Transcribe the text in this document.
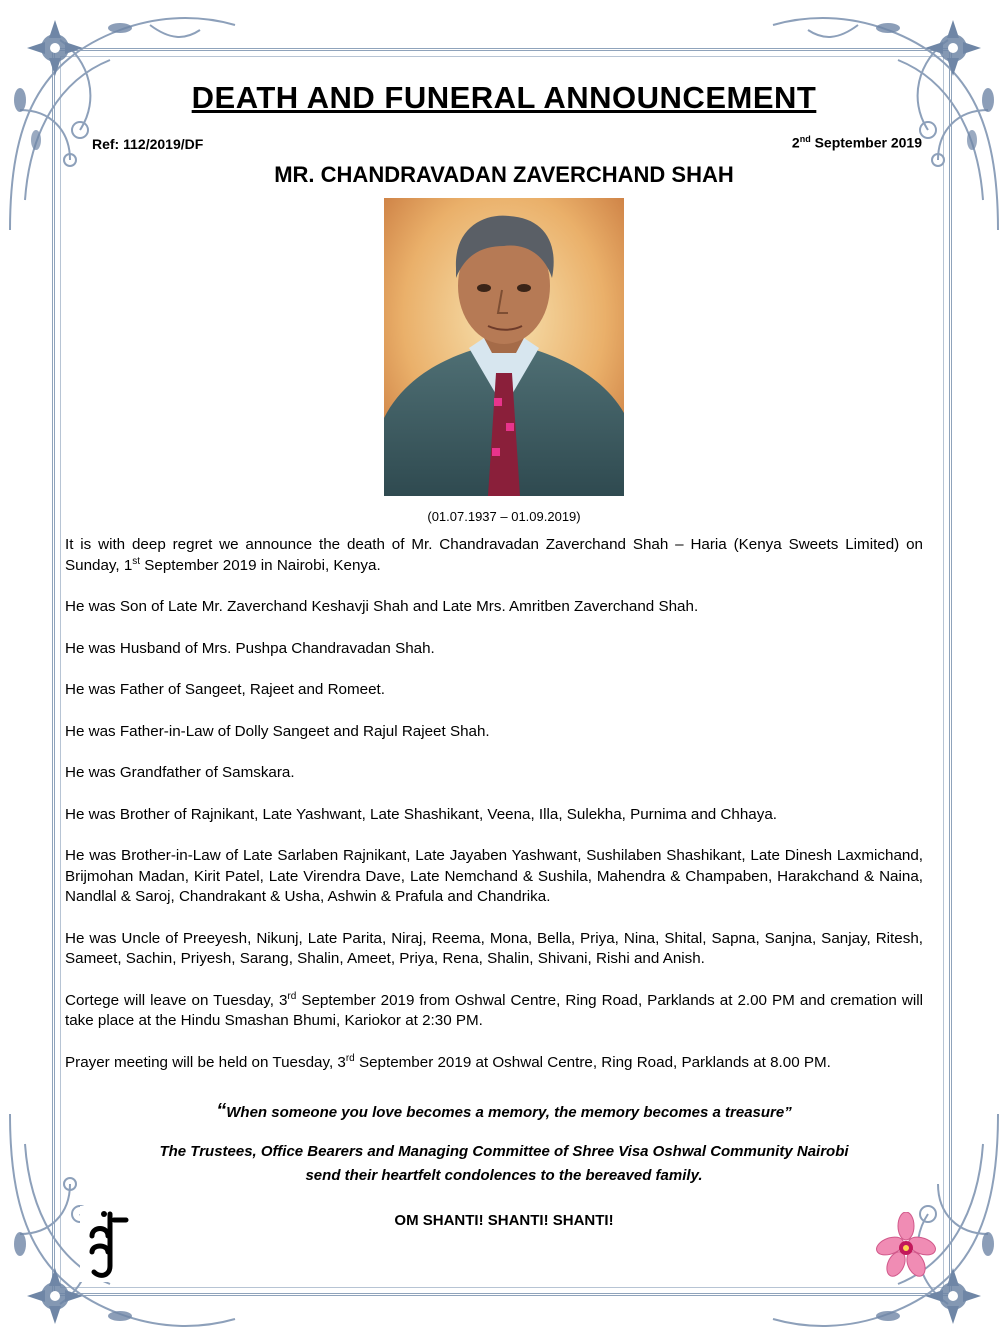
DEATH AND FUNERAL ANNOUNCEMENT
Ref: 112/2019/DF	2nd September 2019
MR. CHANDRAVADAN ZAVERCHAND SHAH
(01.07.1937 – 01.09.2019)

It is with deep regret we announce the death of Mr. Chandravadan Zaverchand Shah – Haria (Kenya Sweets Limited) on Sunday, 1st September 2019 in Nairobi, Kenya.

He was Son of Late Mr. Zaverchand Keshavji Shah and Late Mrs. Amritben Zaverchand Shah.

He was Husband of Mrs. Pushpa Chandravadan Shah.

He was Father of Sangeet, Rajeet and Romeet.

He was Father-in-Law of Dolly Sangeet and Rajul Rajeet Shah.

He was Grandfather of Samskara.

He was Brother of Rajnikant, Late Yashwant, Late Shashikant, Veena, Illa, Sulekha, Purnima and Chhaya.

He was Brother-in-Law of Late Sarlaben Rajnikant, Late Jayaben Yashwant, Sushilaben Shashikant, Late Dinesh Laxmichand, Brijmohan Madan, Kirit Patel, Late Virendra Dave, Late Nemchand & Sushila, Mahendra & Champaben, Harakchand & Naina, Nandlal & Saroj, Chandrakant & Usha, Ashwin & Prafula and Chandrika.

He was Uncle of Preeyesh, Nikunj, Late Parita, Niraj, Reema, Mona, Bella, Priya, Nina, Shital, Sapna, Sanjna, Sanjay, Ritesh, Sameet, Sachin, Priyesh, Sarang, Shalin, Ameet, Priya, Rena, Shalin, Shivani, Rishi and Anish.

Cortege will leave on Tuesday, 3rd September 2019 from Oshwal Centre, Ring Road, Parklands at 2.00 PM and cremation will take place at the Hindu Smashan Bhumi, Kariokor at 2:30 PM.

Prayer meeting will be held on Tuesday, 3rd September 2019 at Oshwal Centre, Ring Road, Parklands at 8.00 PM.

“When someone you love becomes a memory, the memory becomes a treasure”
The Trustees, Office Bearers and Managing Committee of Shree Visa Oshwal Community Nairobi
send their heartfelt condolences to the bereaved family.
OM SHANTI! SHANTI! SHANTI!
